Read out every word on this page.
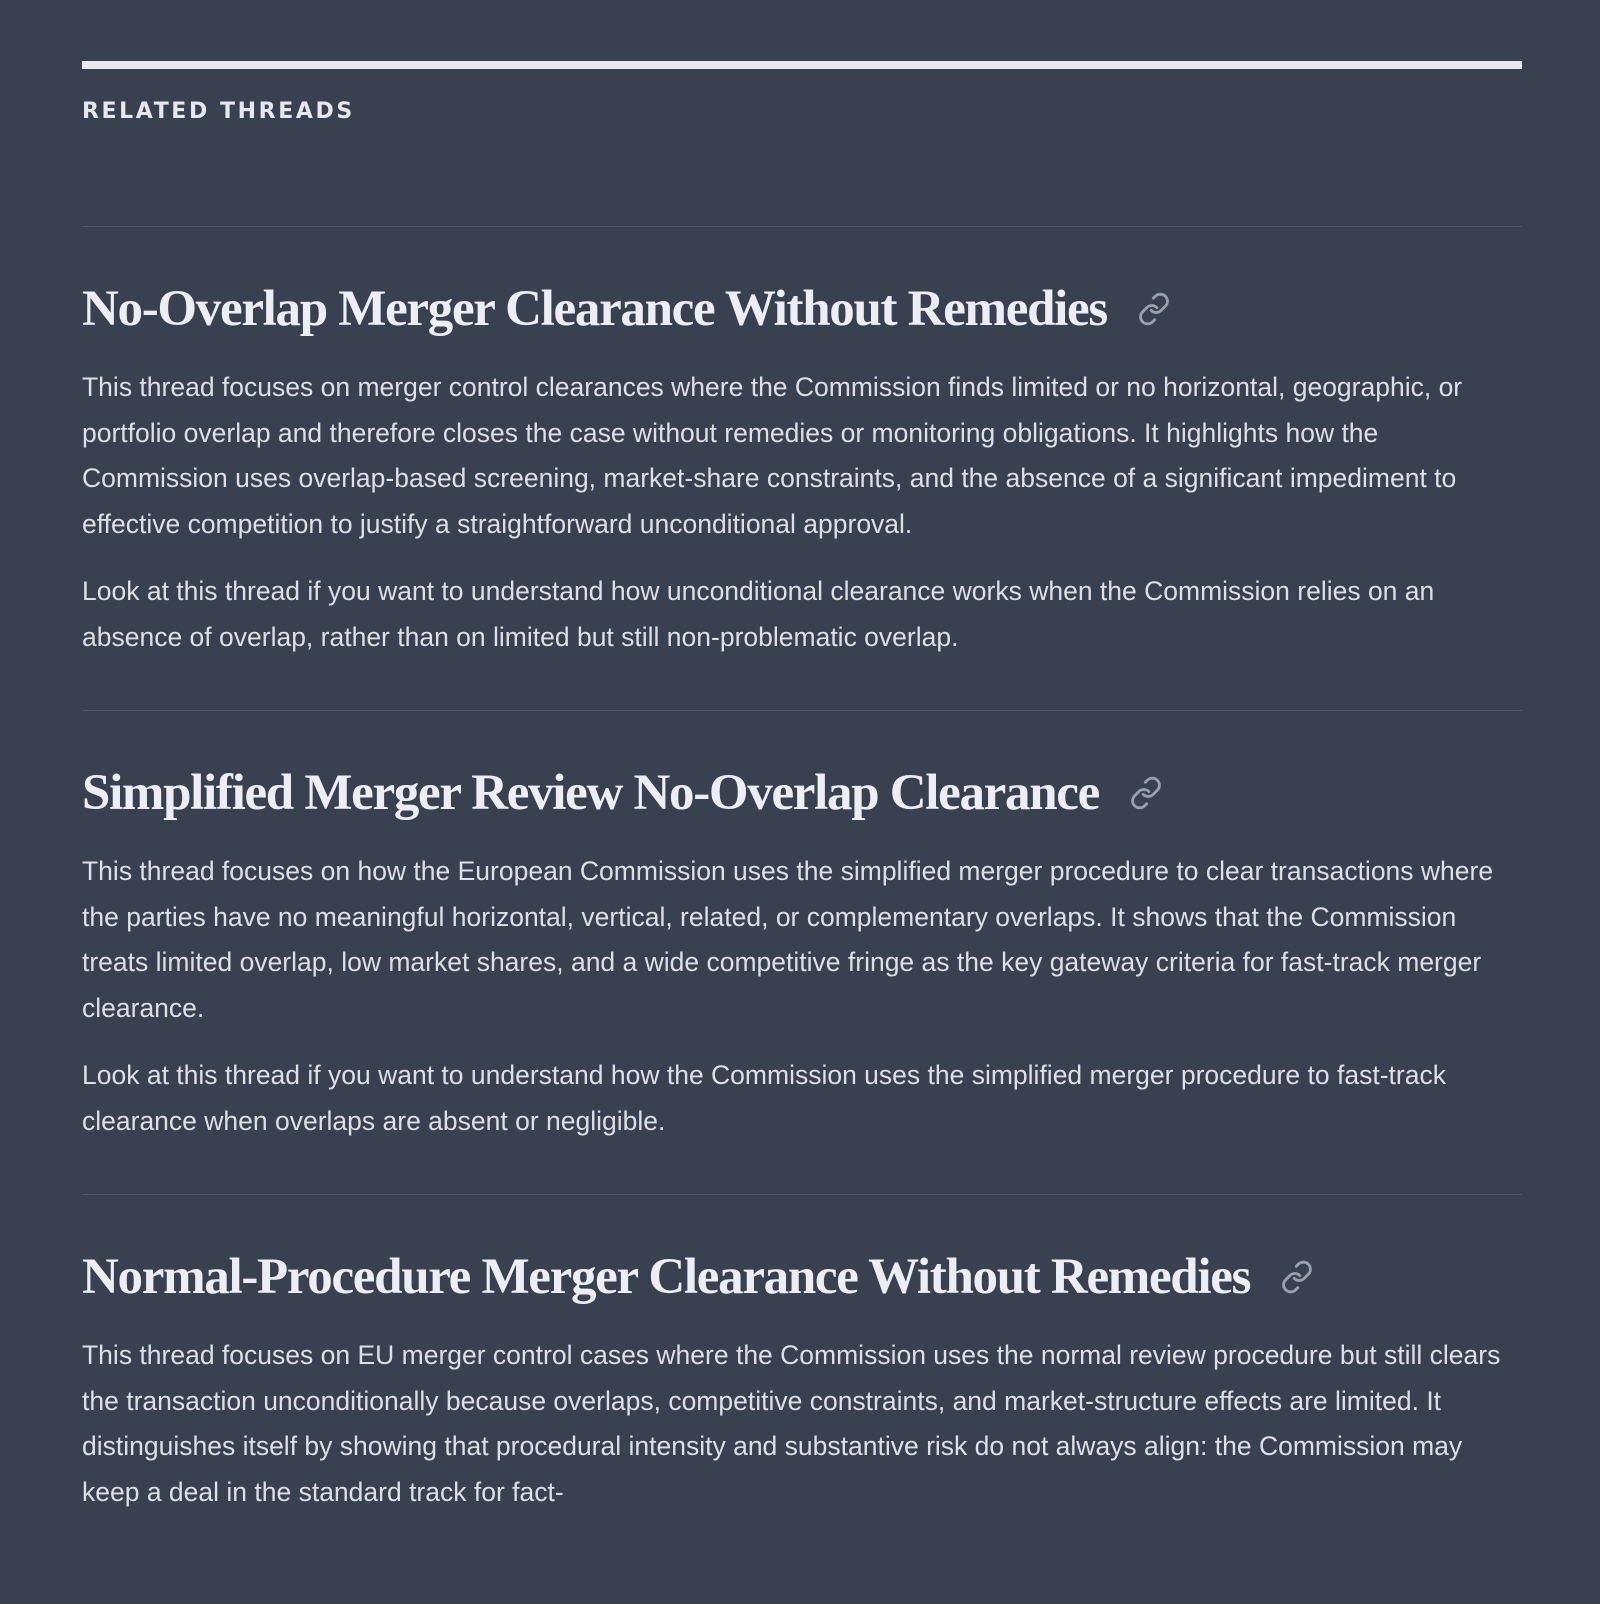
RELATED THREADS
No-Overlap Merger Clearance Without Remedies

This thread focuses on merger control clearances where the Commission finds limited or no horizontal, geographic, or portfolio overlap and therefore closes the case without remedies or monitoring obligations. It highlights how the Commission uses overlap-based screening, market-share constraints, and the absence of a significant impediment to effective competition to justify a straightforward unconditional approval.

Look at this thread if you want to understand how unconditional clearance works when the Commission relies on an absence of overlap, rather than on limited but still non-problematic overlap.

Simplified Merger Review No-Overlap Clearance

This thread focuses on how the European Commission uses the simplified merger procedure to clear transactions where the parties have no meaningful horizontal, vertical, related, or complementary overlaps. It shows that the Commission treats limited overlap, low market shares, and a wide competitive fringe as the key gateway criteria for fast-track merger clearance.

Look at this thread if you want to understand how the Commission uses the simplified merger procedure to fast-track clearance when overlaps are absent or negligible.

Normal-Procedure Merger Clearance Without Remedies

This thread focuses on EU merger control cases where the Commission uses the normal review procedure but still clears the transaction unconditionally because overlaps, competitive constraints, and market-structure effects are limited. It distinguishes itself by showing that procedural intensity and substantive risk do not always align: the Commission may keep a deal in the standard track for fact-
